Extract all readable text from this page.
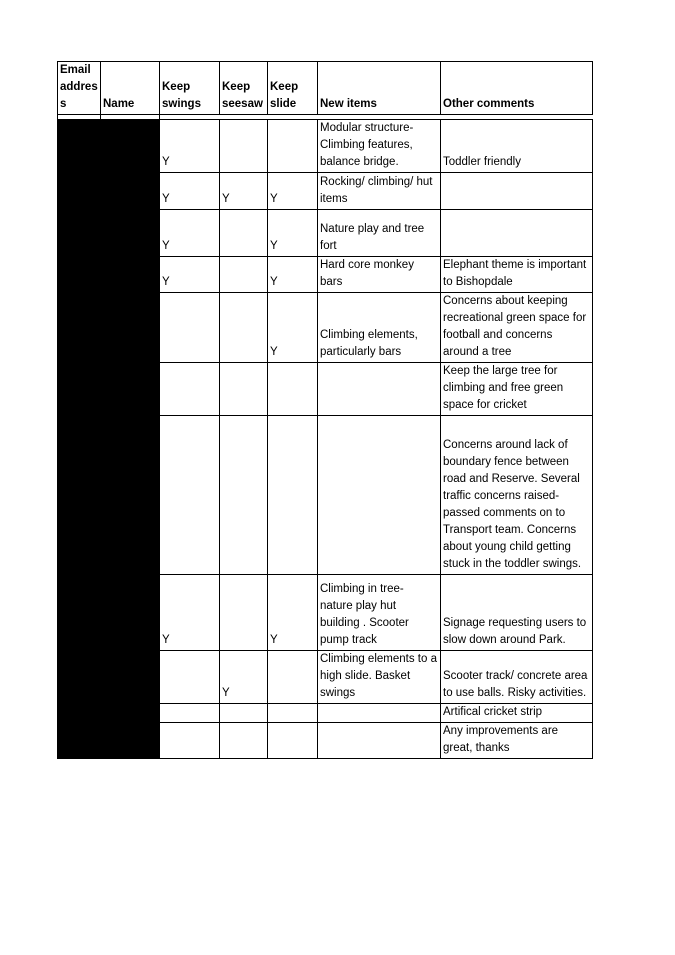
Email addres s	Name	Keep swings	Keep seesaw	Keep slide	New items	Other comments

		Y			Modular structure- Climbing features, balance bridge.	Toddler friendly
		Y	Y	Y	Rocking/ climbing/ hut items	
		Y		Y	Nature play and tree fort	
		Y		Y	Hard core monkey bars	Elephant theme is important to Bishopdale
				Y	Climbing elements, particularly bars	Concerns about keeping recreational green space for football and concerns around a tree
						Keep the large tree for climbing and free green space for cricket
						Concerns around lack of boundary fence between road and Reserve. Several traffic concerns raised- passed comments on to Transport team. Concerns about young child getting stuck in the toddler swings.
		Y		Y	Climbing in tree- nature play hut building . Scooter pump track	Signage requesting users to slow down around Park.
			Y		Climbing elements to a high slide. Basket swings	Scooter track/ concrete area to use balls. Risky activities.
						Artifical cricket strip
						Any improvements are great, thanks
